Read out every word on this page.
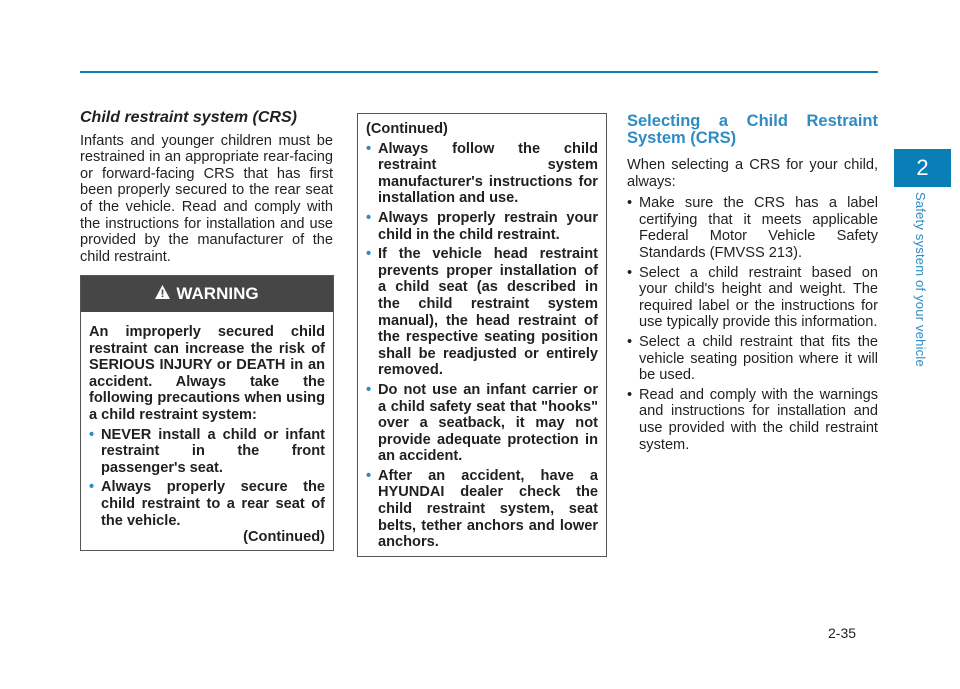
Child restraint system (CRS)

Infants and younger children must be restrained in an appropriate rear-facing or forward-facing CRS that has first been properly secured to the rear seat of the vehicle. Read and comply with the instructions for installation and use provided by the manufacturer of the child restraint.

WARNING

An improperly secured child restraint can increase the risk of SERIOUS INJURY or DEATH in an accident. Always take the following precautions when using a child restraint system:

• NEVER install a child or infant restraint in the front passenger's seat.
• Always properly secure the child restraint to a rear seat of the vehicle.

(Continued)

(Continued)

• Always follow the child restraint system manufacturer's instructions for installation and use.
• Always properly restrain your child in the child restraint.
• If the vehicle head restraint prevents proper installation of a child seat (as described in the child restraint system manual), the head restraint of the respective seating position shall be readjusted or entirely removed.
• Do not use an infant carrier or a child safety seat that "hooks" over a seatback, it may not provide adequate protection in an accident.
• After an accident, have a HYUNDAI dealer check the child restraint system, seat belts, tether anchors and lower anchors.
Selecting a Child Restraint System (CRS)

When selecting a CRS for your child, always:

• Make sure the CRS has a label certifying that it meets applicable Federal Motor Vehicle Safety Standards (FMVSS 213).
• Select a child restraint based on your child's height and weight. The required label or the instructions for use typically provide this information.
• Select a child restraint that fits the vehicle seating position where it will be used.
• Read and comply with the warnings and instructions for installation and use provided with the child restraint system.
2
Safety system of your vehicle
2-35
